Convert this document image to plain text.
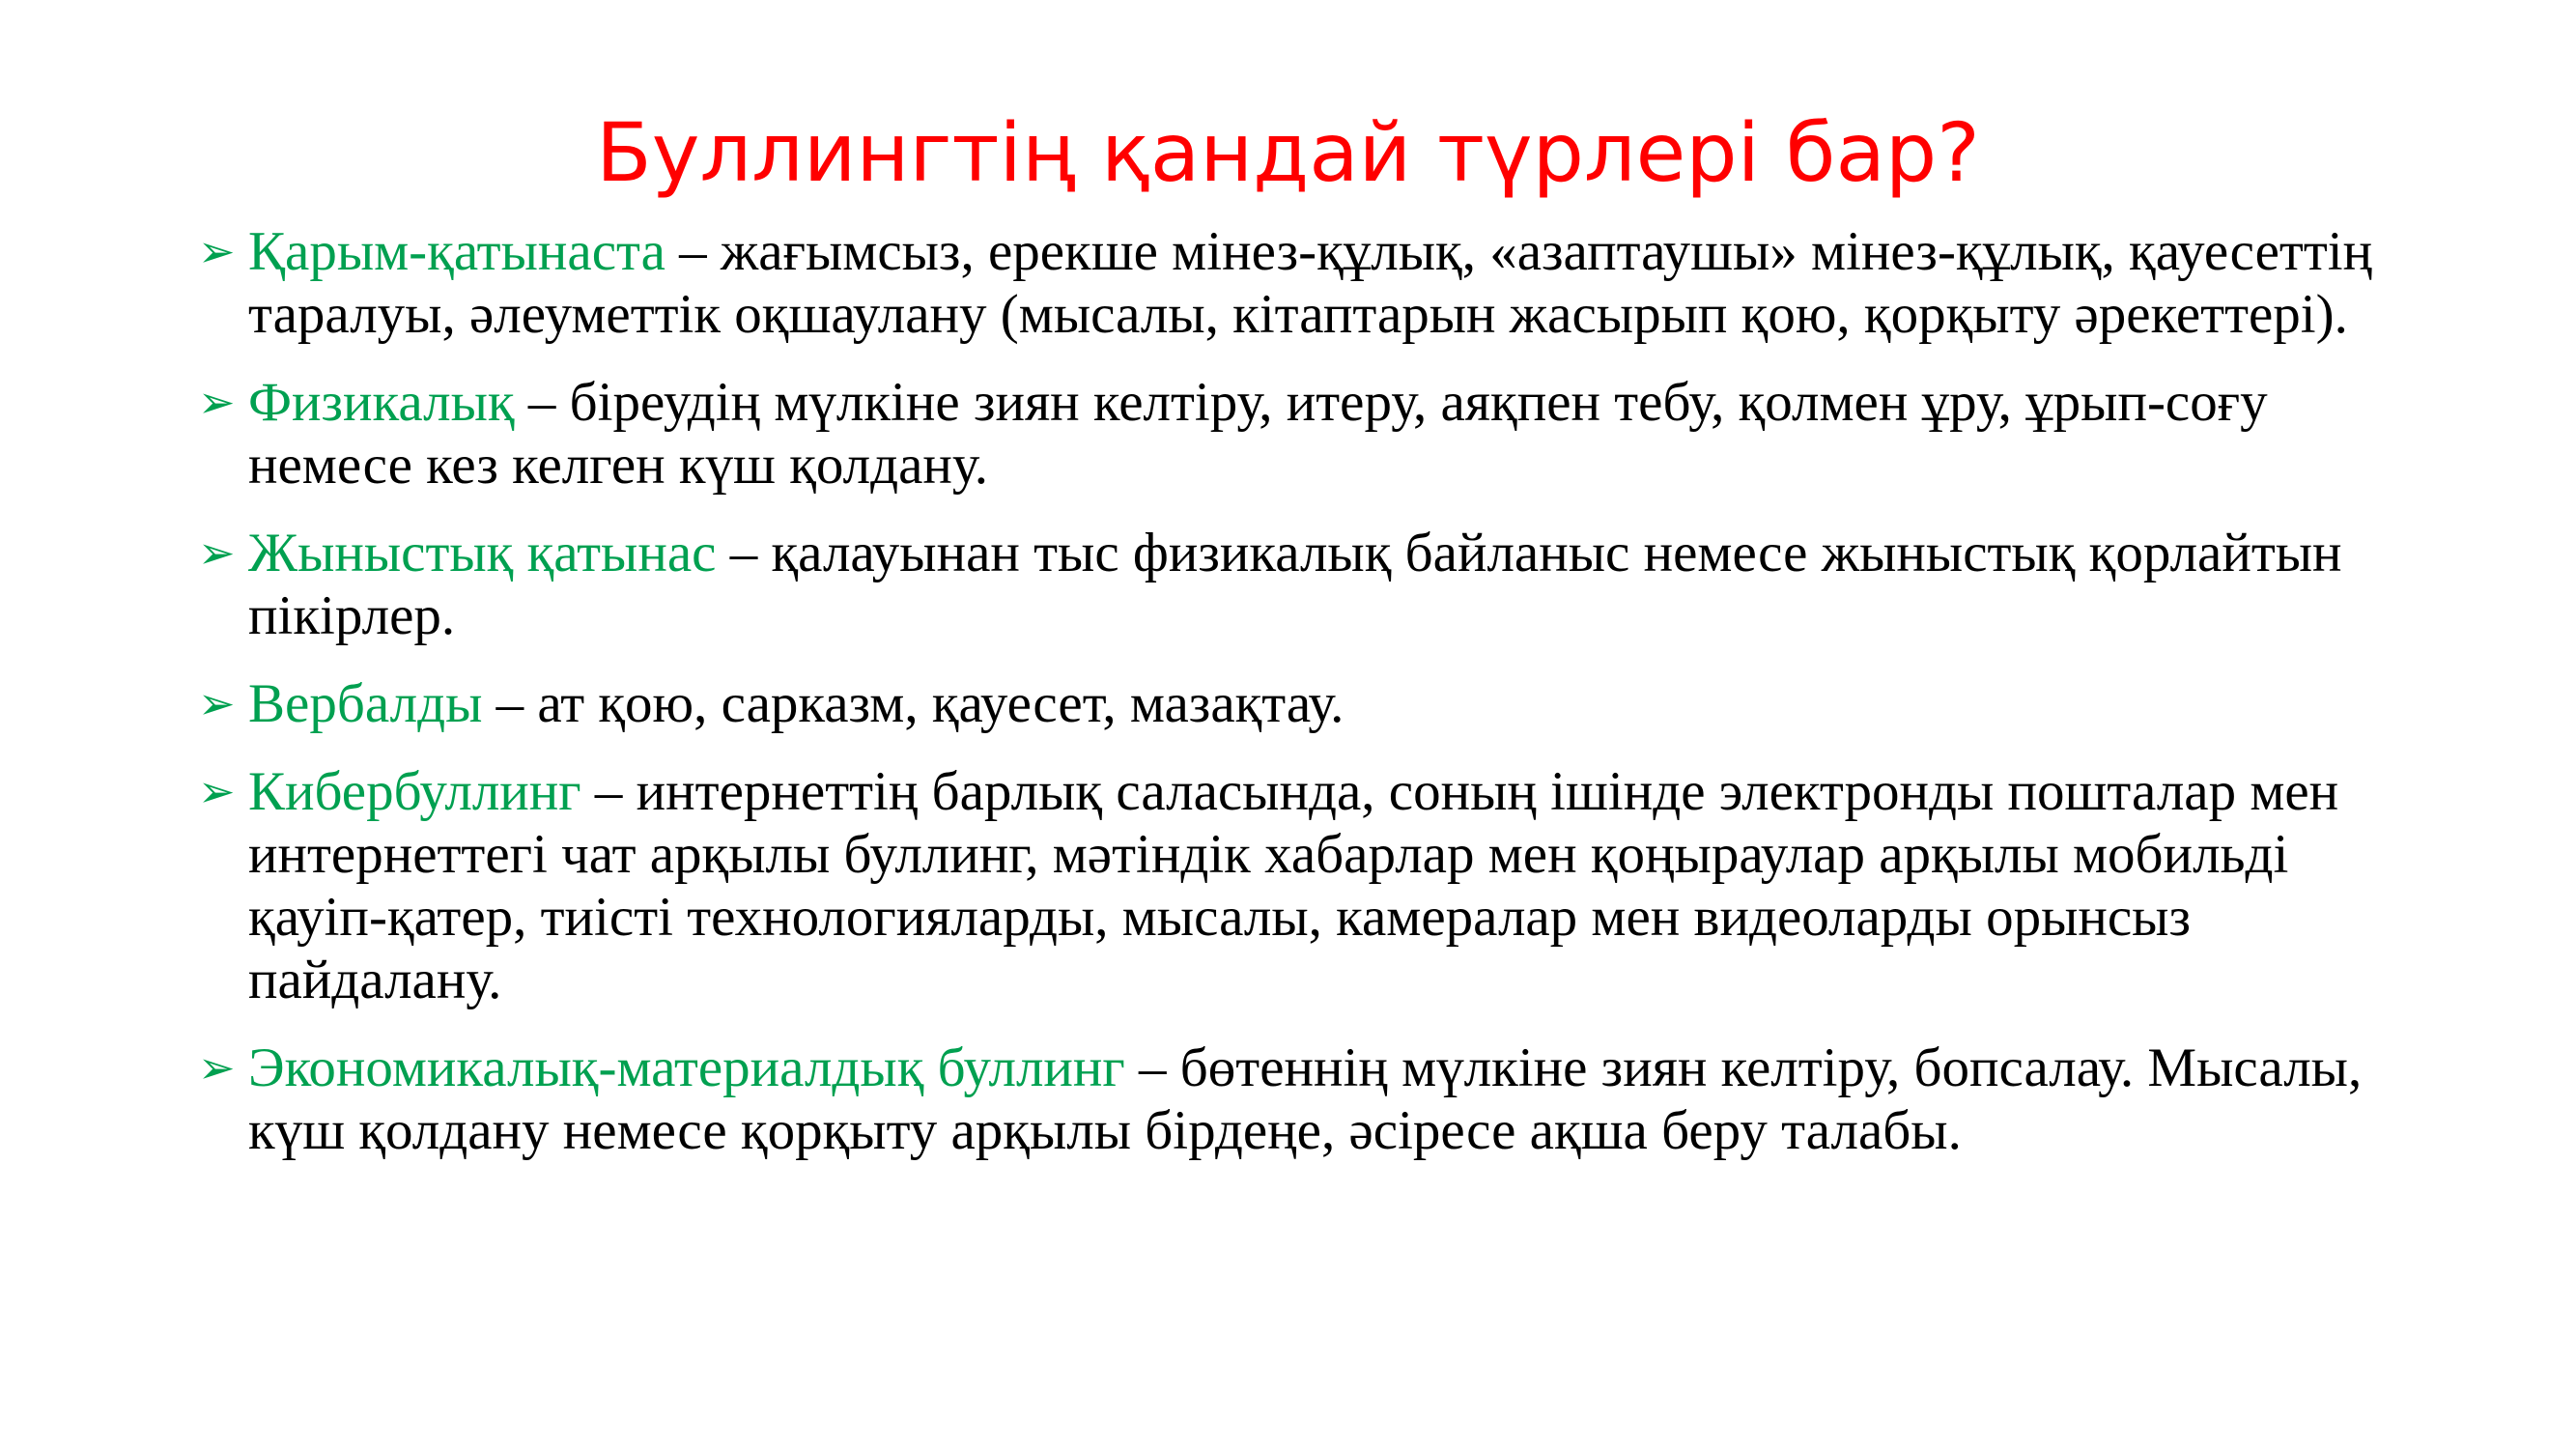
Буллингтің қандай түрлері бар?
➢ Қарым-қатынаста – жағымсыз, ерекше мінез-құлық, «азаптаушы» мінез-құлық, қауесеттің таралуы, әлеуметтік оқшаулану (мысалы, кітаптарын жасырып қою, қорқыту әрекеттері).
➢ Физикалық – біреудің мүлкіне зиян келтіру, итеру, аяқпен тебу, қолмен ұру, ұрып-соғу немесе кез келген күш қолдану.
➢ Жыныстық қатынас – қалауынан тыс физикалық байланыс немесе жыныстық қорлайтын пікірлер.
➢ Вербалды – ат қою, сарказм, қауесет, мазақтау.
➢ Кибербуллинг – интернеттің барлық саласында, соның ішінде электронды пошталар мен интернеттегі чат арқылы буллинг, мәтіндік хабарлар мен қоңыраулар арқылы мобильді қауіп-қатер, тиісті технологияларды, мысалы, камералар мен видеоларды орынсыз пайдалану.
➢ Экономикалық-материалдық буллинг – бөтеннің мүлкіне зиян келтіру, бопсалау. Мысалы, күш қолдану немесе қорқыту арқылы бірдеңе, әсіресе ақша беру талабы.
